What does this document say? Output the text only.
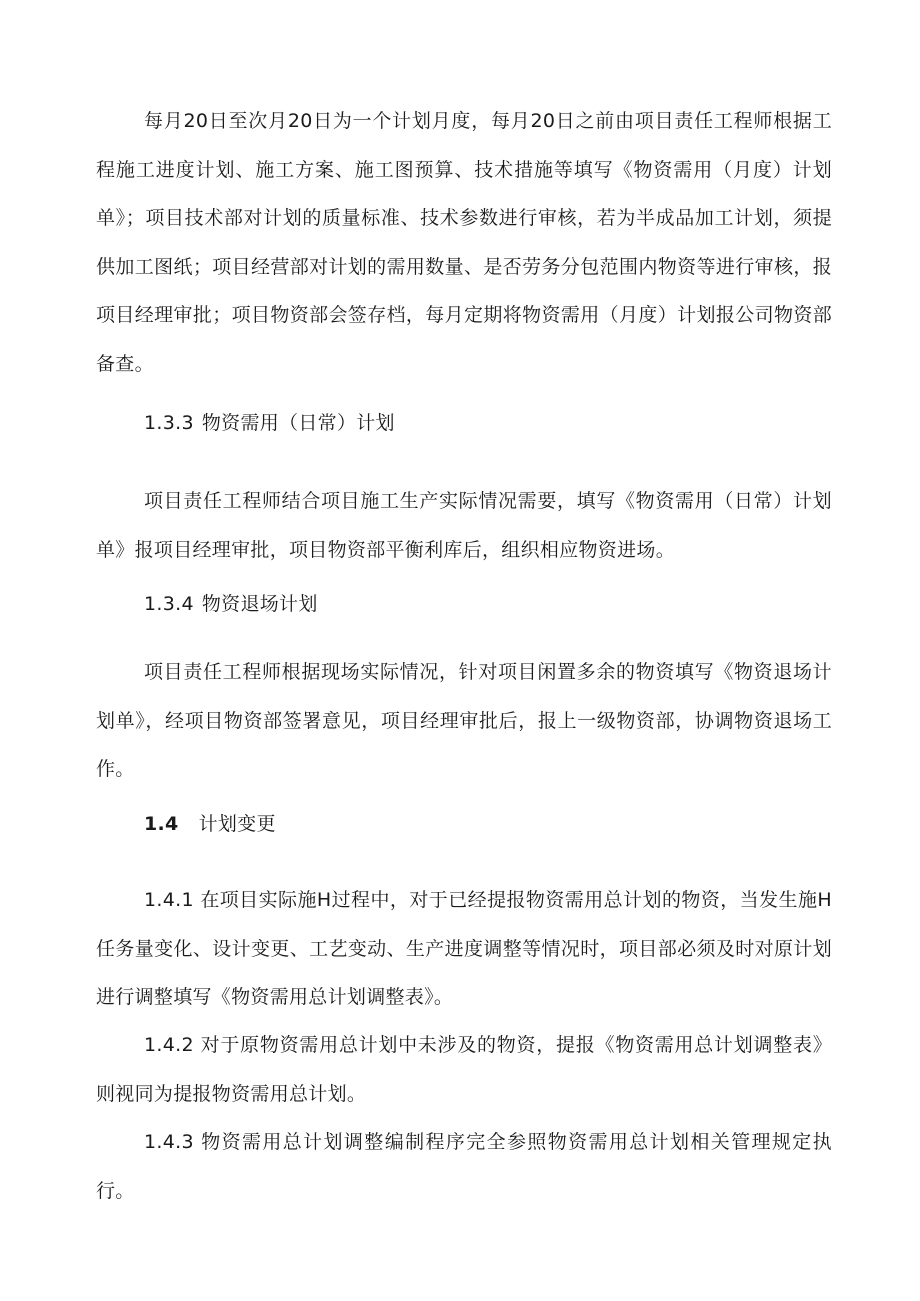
每月20日至次月20日为一个计划月度，每月20日之前由项目责任工程师根据工程施工进度计划、施工方案、施工图预算、技术措施等填写《物资需用（月度）计划单》；项目技术部对计划的质量标准、技术参数进行审核，若为半成品加工计划，须提供加工图纸；项目经营部对计划的需用数量、是否劳务分包范围内物资等进行审核，报项目经理审批；项目物资部会签存档，每月定期将物资需用（月度）计划报公司物资部备查。

1.3.3 物资需用（日常）计划

项目责任工程师结合项目施工生产实际情况需要，填写《物资需用（日常）计划单》报项目经理审批，项目物资部平衡利库后，组织相应物资进场。

1.3.4 物资退场计划

项目责任工程师根据现场实际情况，针对项目闲置多余的物资填写《物资退场计划单》，经项目物资部签署意见，项目经理审批后，报上一级物资部，协调物资退场工作。

1.4 计划变更

1.4.1 在项目实际施H过程中，对于已经提报物资需用总计划的物资，当发生施H任务量变化、设计变更、工艺变动、生产进度调整等情况时，项目部必须及时对原计划进行调整填写《物资需用总计划调整表》。

1.4.2 对于原物资需用总计划中未涉及的物资，提报《物资需用总计划调整表》则视同为提报物资需用总计划。

1.4.3 物资需用总计划调整编制程序完全参照物资需用总计划相关管理规定执行。
